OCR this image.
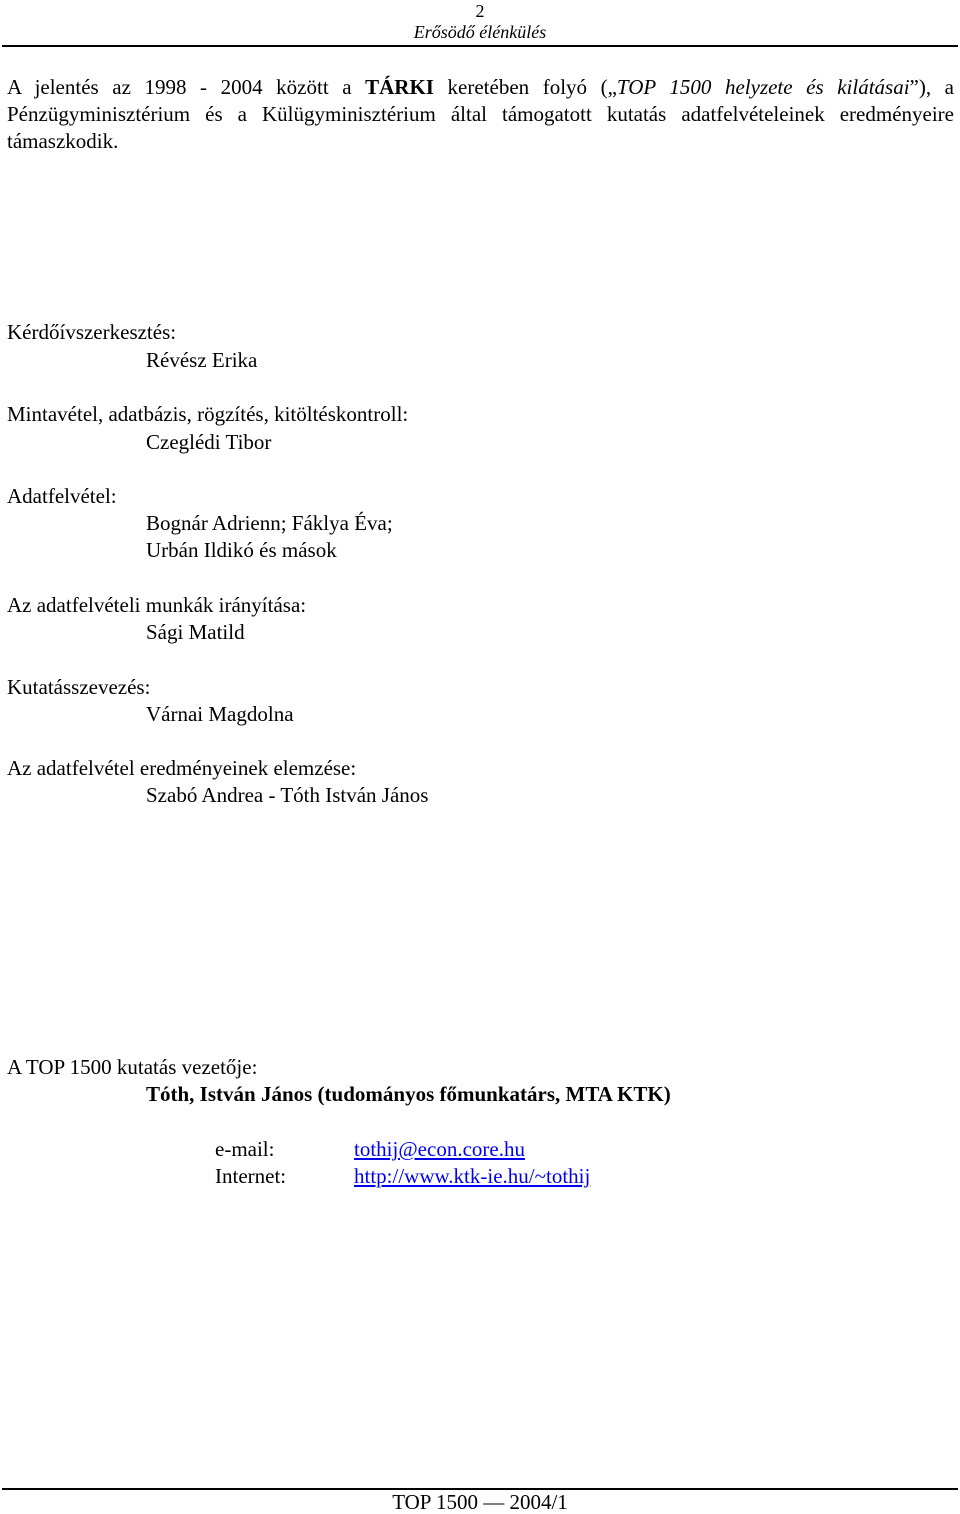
2
Erősödő élénkülés
A jelentés az 1998 - 2004 között a TÁRKI keretében folyó („TOP 1500 helyzete és kilátásai”), a Pénzügyminisztérium és a Külügyminisztérium által támogatott kutatás adatfelvételeinek eredményeire támaszkodik.
Kérdőívszerkesztés:
Révész Erika
Mintavétel, adatbázis, rögzítés, kitöltéskontroll:
Czeglédi Tibor
Adatfelvétel:
Bognár Adrienn; Fáklya Éva;
Urbán Ildikó és mások
Az adatfelvételi munkák irányítása:
Sági Matild
Kutatásszevezés:
Várnai Magdolna
Az adatfelvétel eredményeinek elemzése:
Szabó Andrea - Tóth István János
A TOP 1500 kutatás vezetője:
Tóth, István János (tudományos főmunkatárs, MTA KTK)
e-mail:	tothij@econ.core.hu
Internet:	http://www.ktk-ie.hu/~tothij
TOP 1500 — 2004/1
